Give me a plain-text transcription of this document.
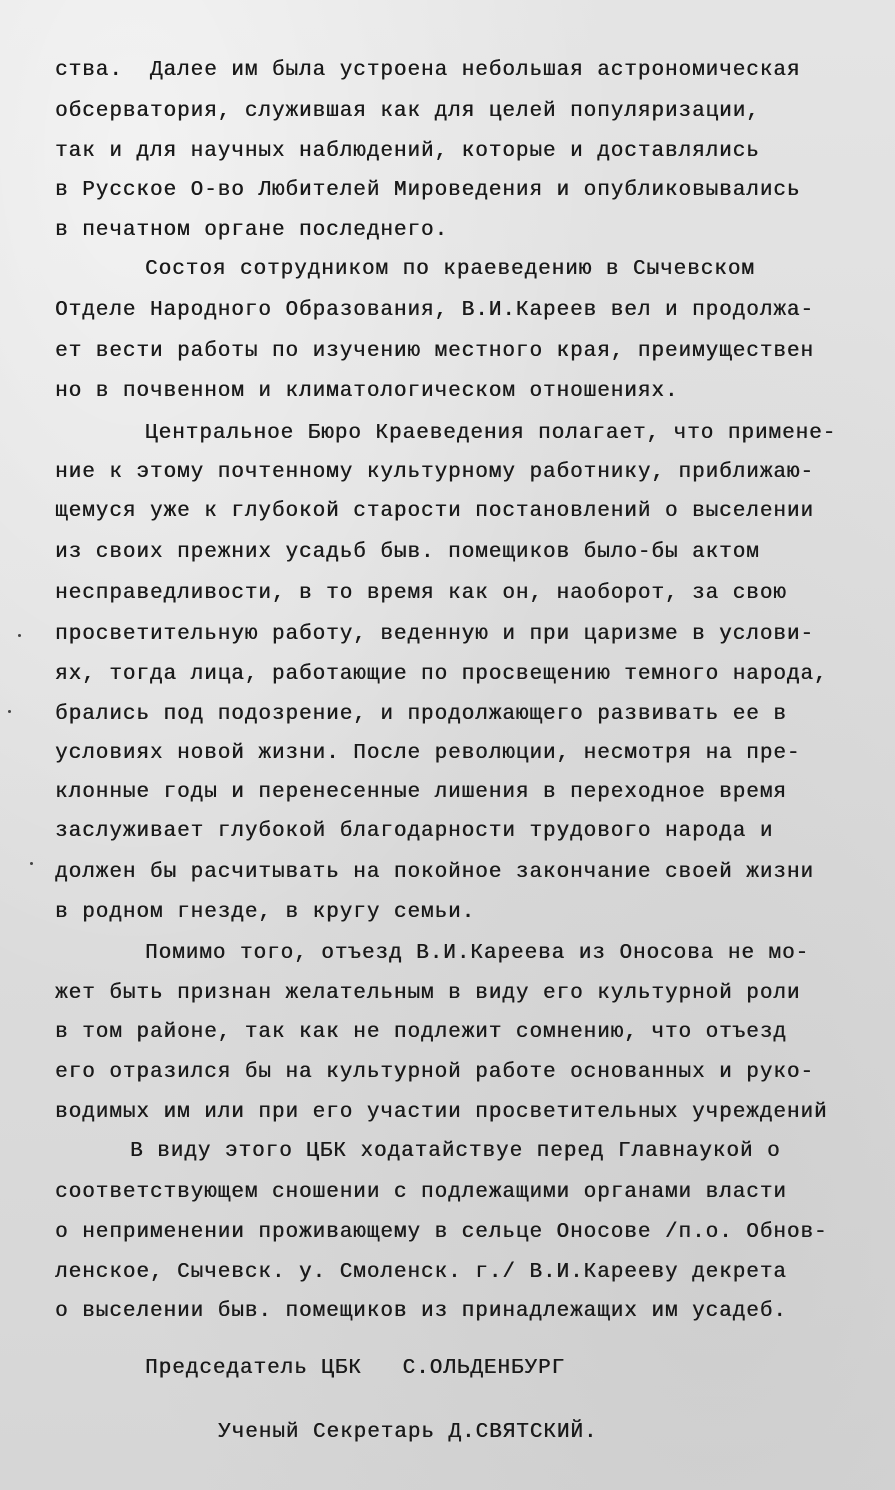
ства.  Далее им была устроена небольшая астрономическая

обсерватория, служившая как для целей популяризации,

так и для научных наблюдений, которые и доставлялись

в Русское О-во Любителей Мироведения и опубликовывались

в печатном органе последнего.

Состоя сотрудником по краеведению в Сычевском

Отделе Народного Образования, В.И.Кареев вел и продолжа-

ет вести работы по изучению местного края, преимуществен

но в почвенном и климатологическом отношениях.

Центральное Бюро Краеведения полагает, что примене-

ние к этому почтенному культурному работнику, приближаю-

щемуся уже к глубокой старости постановлений о выселении

из своих прежних усадьб быв. помещиков было-бы актом

несправедливости, в то время как он, наоборот, за свою

просветительную работу, веденную и при царизме в услови-

ях, тогда лица, работающие по просвещению темного народа,

брались под подозрение, и продолжающего развивать ее в

условиях новой жизни. После революции, несмотря на пре-

клонные годы и перенесенные лишения в переходное время

заслуживает глубокой благодарности трудового народа и

должен бы расчитывать на покойное закончание своей жизни

в родном гнезде, в кругу семьи.

Помимо того, отъезд В.И.Кареева из Оносова не мо-

жет быть признан желательным в виду его культурной роли

в том районе, так как не подлежит сомнению, что отъезд

его отразился бы на культурной работе основанных и руко-

водимых им или при его участии просветительных учреждений

В виду этого ЦБК ходатайствуе перед Главнаукой о

соответствующем сношении с подлежащими органами власти

о неприменении проживающему в сельце Оносове /п.о. Обнов-

ленское, Сычевск. у. Смоленск. г./ В.И.Карееву декрета

о выселении быв. помещиков из принадлежащих им усадеб.

Председатель ЦБК   С.ОЛЬДЕНБУРГ

Ученый Секретарь Д.СВЯТСКИЙ.
